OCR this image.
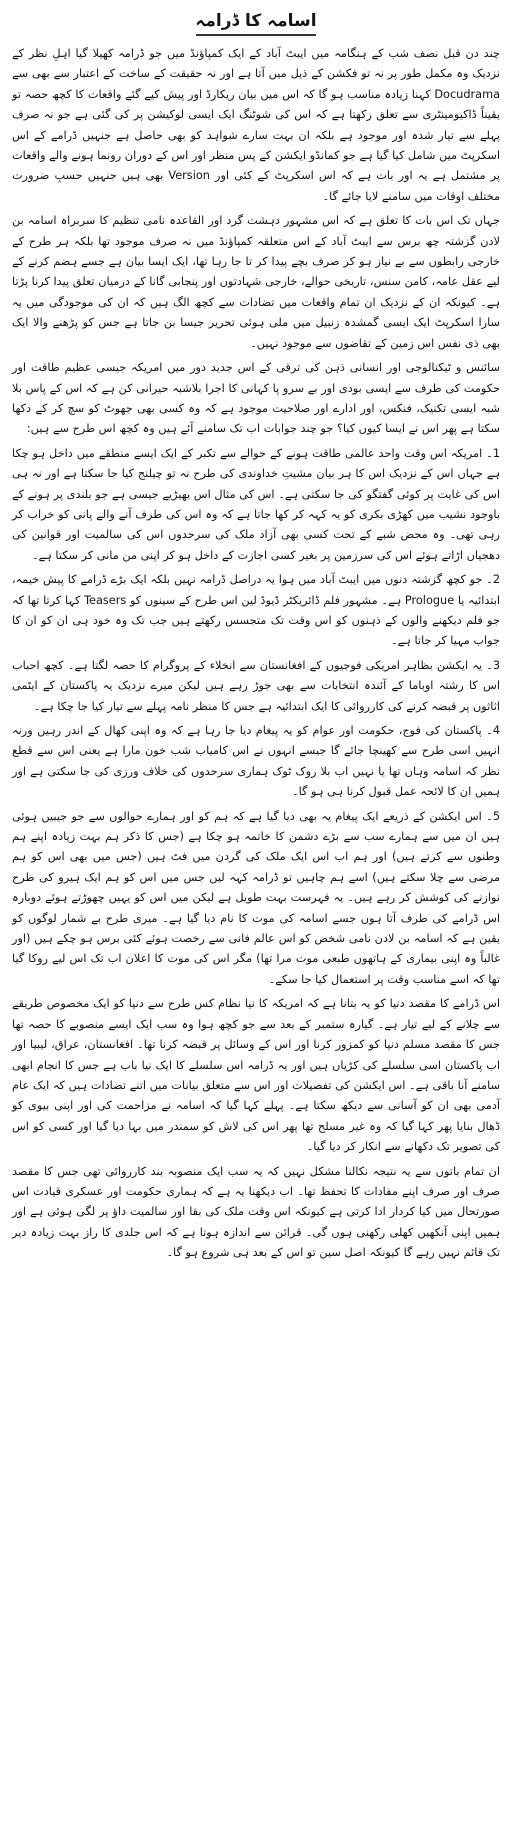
اسامہ کا ڈرامہ

چند دن قبل نصف شب کے ہنگامہ میں ایبٹ آباد کے ایک کمپاؤنڈ میں جو ڈرامہ کھیلا گیا اہلِ نظر کے نزدیک وہ مکمل طور پر نہ تو فکشن کے ذیل میں آتا ہے اور نہ حقیقت کے ساخت کے اعتبار سے بھی سے Docudrama کہنا زیادہ مناسب ہو گا کہ اس میں بیان ریکارڈ اور پیش کیے گئے واقعات کا کچھ حصہ تو یقیناً ڈاکیومینٹری سے تعلق رکھتا ہے کہ اس کی شوٹنگ ایک ایسی لوکیشن پر کی گئی ہے جو نہ صرف پہلے سے تیار شدہ اور موجود ہے بلکہ ان بہت سارے شواہد کو بھی حاصل ہے جنہیں ڈرامے کے اس اسکرپٹ میں شامل کیا گیا ہے جو کمانڈو ایکشن کے پس منظر اور اس کے دوران رونما ہونے والے واقعات پر مشتمل ہے یہ اور بات ہے کہ اس اسکرپٹ کے کئی اور Version بھی ہیں جنہیں حسبِ ضرورت مختلف اوقات میں سامنے لایا جائے گا۔

جہاں تک اس بات کا تعلق ہے کہ اس مشہور دہشت گرد اور القاعدہ نامی تنظیم کا سربراہ اسامہ بن لادن گزشتہ چھ برس سے ایبٹ آباد کے اس متعلقہ کمپاؤنڈ میں نہ صرف موجود تھا بلکہ ہر طرح کے خارجی رابطوں سے بے نیاز ہو کر صرف بچے پیدا کر تا جا رہا تھا، ایک ایسا بیان ہے جسے ہضم کرنے کے لیے عقل عامہ، کامن سنس، تاریخی حوالے، خارجی شہادتوں اور پنجابی گانا کے درمیان تعلق پیدا کرنا پڑتا ہے۔ کیونکہ ان کے نزدیک ان تمام واقعات میں تضادات سے کچھ الگ ہیں کہ ان کی موجودگی میں یہ سارا اسکرپٹ ایک ایسی گمشدہ زنبیل میں ملی ہوئی تحریر جیسا بن جاتا ہے جس کو پڑھنے والا ایک بھی ذی نفس اس زمین کے تقاضوں سے موجود نہیں۔

سائنس و ٹیکنالوجی اور انسانی ذہن کی ترقی کے اس جدید دور میں امریکہ جیسی عظیم طاقت اور حکومت کی طرف سے ایسی بودی اور بے سرو پا کہانی کا اجرا بلاشبہ حیرانی کن ہے کہ اس کے پاس بلا شبہ ایسی تکنیک، فنکس، اور ادارے اور صلاحیت موجود ہے کہ وہ کسی بھی جھوٹ کو سچ کر کے دکھا سکتا ہے پھر اس نے ایسا کیوں کیا؟ جو چند جوابات اب تک سامنے آئے ہیں وہ کچھ اس طرح سے ہیں:

1۔ امریکہ اس وقت واحد عالمی طاقت ہونے کے حوالے سے تکبر کے ایک ایسے منطقے میں داخل ہو چکا ہے جہاں اس کے نزدیک اس کا ہر بیان مشیتِ خداوندی کی طرح نہ تو چیلنج کیا جا سکتا ہے اور نہ ہی اس کی غایت پر کوئی گفتگو کی جا سکتی ہے۔ اس کی مثال اس بھیڑیے جیسی ہے جو بلندی پر ہونے کے باوجود نشیب میں کھڑی بکری کو یہ کہہ کر کھا جاتا ہے کہ وہ اس کی طرف آنے والے پانی کو خراب کر رہی تھی۔ وہ محض شبے کے تحت کسی بھی آزاد ملک کی سرحدوں اس کی سالمیت اور قوانین کی دھجیاں اڑاتے ہوئے اس کی سرزمین پر بغیر کسی اجازت کے داخل ہو کر اپنی من مانی کر سکتا ہے۔

2۔ جو کچھ گزشتہ دنوں میں ایبٹ آباد میں ہوا یہ دراصل ڈرامہ نہیں بلکہ ایک بڑے ڈرامے کا پیش خیمہ، ابتدائیہ یا Prologue ہے۔ مشہور فلم ڈائریکٹر ڈیوڈ لین اس طرح کے سینوں کو Teasers کہا کرتا تھا کہ جو فلم دیکھنے والوں کے ذہنوں کو اس وقت تک متجسس رکھتے ہیں جب تک وہ خود ہی ان کو ان کا جواب مہیا کر جاتا ہے۔

3۔ یہ ایکشن بظاہر امریکی فوجیوں کے افغانستان سے انخلاء کے پروگرام کا حصہ لگتا ہے۔ کچھ احباب اس کا رشتہ اوباما کے آئندہ انتخابات سے بھی جوڑ رہے ہیں لیکن میرے نزدیک یہ پاکستان کے ایٹمی اثاثوں پر قبضہ کرنے کی کارروائی کا ایک ابتدائیہ ہے جس کا منظر نامہ پہلے سے تیار کیا جا چکا ہے۔

4۔ پاکستان کی فوج، حکومت اور عوام کو یہ پیغام دیا جا رہا ہے کہ وہ اپنی کھال کے اندر رہیں ورنہ انہیں اسی طرح سے کھینچا جائے گا جیسے انہوں نے اس کامیاب شب خون مارا ہے یعنی اس سے قطع نظر کہ اسامہ وہاں تھا یا نہیں اب بلا روک ٹوک ہماری سرحدوں کی خلاف ورزی کی جا سکتی ہے اور ہمیں ان کا لائحہ عمل قبول کرنا ہی ہو گا۔

5۔ اس ایکشن کے ذریعے ایک پیغام یہ بھی دیا گیا ہے کہ ہم کو اور ہمارے حوالوں سے جو جیبیں ہوئی ہیں ان میں سے ہمارے سب سے بڑے دشمن کا خاتمہ ہو چکا ہے (جس کا ذکر ہم بہت زیادہ اپنے ہم وطنوں سے کرتے ہیں) اور ہم اب اس ایک ملک کی گردن میں فٹ ہیں (جس میں بھی اس کو ہم مرضی سے چلا سکتے ہیں) اسے ہم چاہیں تو ڈرامہ کہہ لیں جس میں اس کو ہم ایک ہیرو کی طرح نوازنے کی کوشش کر رہے ہیں۔ یہ فہرست بہت طویل ہے لیکن میں اس کو یہیں چھوڑتے ہوئے دوبارہ اس ڈرامے کی طرف آتا ہوں جسے اسامہ کی موت کا نام دیا گیا ہے۔ میری طرح بے شمار لوگوں کو یقین ہے کہ اسامہ بن لادن نامی شخص کو اس عالم فانی سے رخصت ہوئے کئی برس ہو چکے ہیں (اور غالباً وہ اپنی بیماری کے ہاتھوں طبعی موت مرا تھا) مگر اس کی موت کا اعلان اب تک اس لیے روکا گیا تھا کہ اسے مناسب وقت پر استعمال کیا جا سکے۔

اس ڈرامے کا مقصد دنیا کو یہ بتانا ہے کہ امریکہ کا نیا نظام کس طرح سے دنیا کو ایک مخصوص طریقے سے چلانے کے لیے تیار ہے۔ گیارہ ستمبر کے بعد سے جو کچھ ہوا وہ سب ایک ایسے منصوبے کا حصہ تھا جس کا مقصد مسلم دنیا کو کمزور کرنا اور اس کے وسائل پر قبضہ کرنا تھا۔ افغانستان، عراق، لیبیا اور اب پاکستان اسی سلسلے کی کڑیاں ہیں اور یہ ڈرامہ اس سلسلے کا ایک نیا باب ہے جس کا انجام ابھی سامنے آنا باقی ہے۔ اس ایکشن کی تفصیلات اور اس سے متعلق بیانات میں اتنے تضادات ہیں کہ ایک عام آدمی بھی ان کو آسانی سے دیکھ سکتا ہے۔ پہلے کہا گیا کہ اسامہ نے مزاحمت کی اور اپنی بیوی کو ڈھال بنایا پھر کہا گیا کہ وہ غیر مسلح تھا پھر اس کی لاش کو سمندر میں بہا دیا گیا اور کسی کو اس کی تصویر تک دکھانے سے انکار کر دیا گیا۔

ان تمام باتوں سے یہ نتیجہ نکالنا مشکل نہیں کہ یہ سب ایک منصوبہ بند کارروائی تھی جس کا مقصد صرف اور صرف اپنے مفادات کا تحفظ تھا۔ اب دیکھنا یہ ہے کہ ہماری حکومت اور عسکری قیادت اس صورتحال میں کیا کردار ادا کرتی ہے کیونکہ اس وقت ملک کی بقا اور سالمیت داؤ پر لگی ہوئی ہے اور ہمیں اپنی آنکھیں کھلی رکھنی ہوں گی۔ قرائن سے اندازہ ہوتا ہے کہ اس جلدی کا راز بہت زیادہ دیر تک قائم نہیں رہے گا کیونکہ اصل سین تو اس کے بعد ہی شروع ہو گا۔
